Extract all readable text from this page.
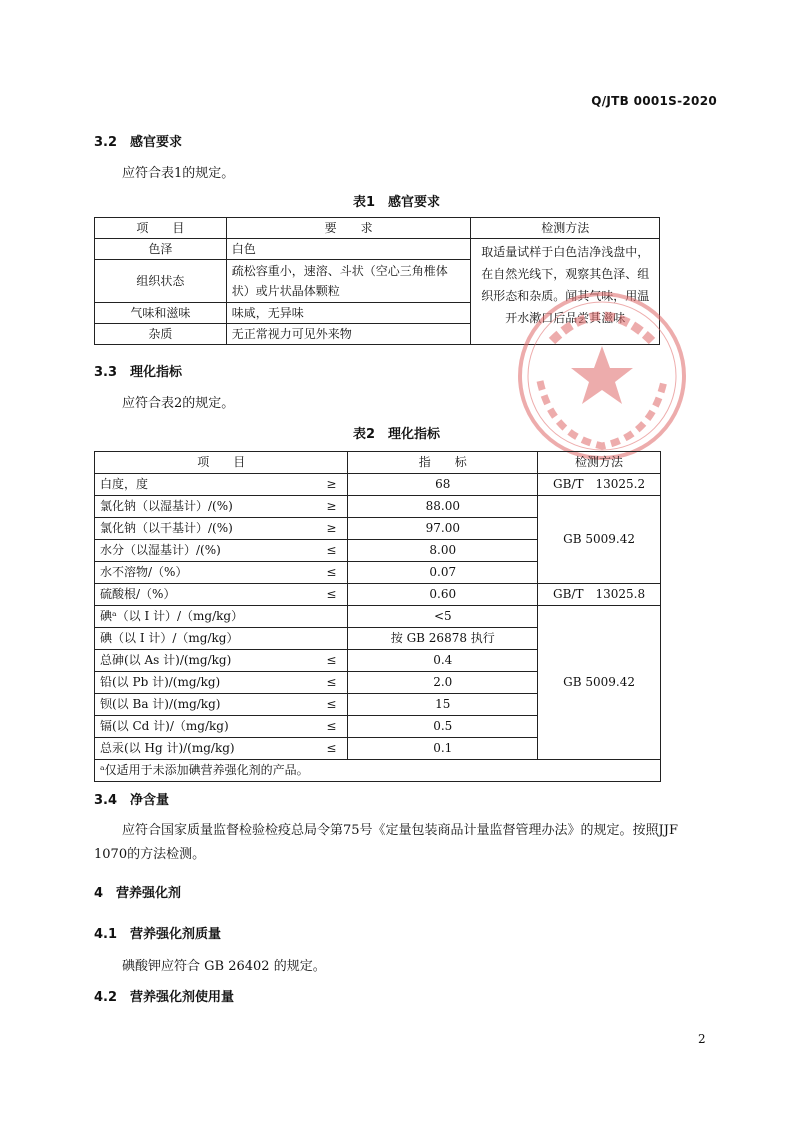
Q/JTB 0001S-2020
3.2 感官要求
应符合表1的规定。
表1　感官要求
项　　目	要　　求	检测方法
色泽	白色	取适量试样于白色洁净浅盘中，在自然光线下，观察其色泽、组织形态和杂质。闻其气味，用温开水漱口后品尝其滋味
组织状态	疏松容重小，速溶、斗状（空心三角椎体状）或片状晶体颗粒	
气味和滋味	味咸，无异味	
杂质	无正常视力可见外来物	
3.3 理化指标
应符合表2的规定。
表2　理化指标
项　　目	指　　标	检测方法
白度，度 ≥	68	GB/T　13025.2
氯化钠（以湿基计）/(%) ≥	88.00	GB 5009.42
氯化钠（以干基计）/(%) ≥	97.00	
水分（以湿基计）/(%) ≤	8.00	
水不溶物/（%） ≤	0.07	
硫酸根/（%） ≤	0.60	GB/T　13025.8
碘ᵃ（以 I 计）/（mg/kg）	<5	GB 5009.42
碘（以 I 计）/（mg/kg）	按 GB 26878 执行	
总砷(以 As 计)/(mg/kg) ≤	0.4	
铅(以 Pb 计)/(mg/kg) ≤	2.0	
钡(以 Ba 计)/(mg/kg) ≤	15	
镉(以 Cd 计)/（mg/kg) ≤	0.5	
总汞(以 Hg 计)/(mg/kg) ≤	0.1	
ᵃ仅适用于未添加碘营养强化剂的产品。		
3.4 净含量
应符合国家质量监督检验检疫总局令第75号《定量包装商品计量监督管理办法》的规定。按照JJF 1070的方法检测。
4 营养强化剂
4.1 营养强化剂质量
碘酸钾应符合 GB 26402 的规定。
4.2 营养强化剂使用量
2
